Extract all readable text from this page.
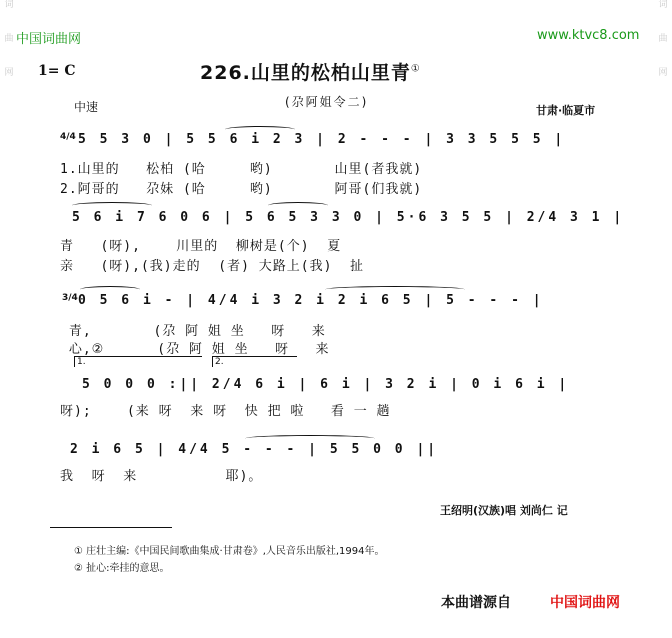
词
曲
网
词
曲
网
中国词曲网	www.ktvc8.com
1= C	226.山里的松柏山里青①
中速	(尕阿姐令二)
甘肃·临夏市
4/4 5 5 3 0 | 5 5 6 i 2 3 | 2 - - - | 3 3 5 5 5 |
1.山里的   松柏 (哈     哟)       山里(者我就)
2.阿哥的   尕妹 (哈     哟)       阿哥(们我就)
5 6 i 7 6 0 6 | 5 6 5 3 3 0 | 5·6 3 5 5 | 2/4 3 1 |
青   (呀),    川里的  柳树是(个)  夏
亲   (呀),(我)走的  (者) 大路上(我)  扯
3/4 0 5 6 i - | 4/4 i 3 2 i 2 i 6 5 | 5 - - - |
青,       (尕 阿 姐 坐   呀   来
心,②      (尕 阿 姐 坐   呀   来
1.	2.
5 0 0 0 :|| 2/4 6 i | 6 i | 3 2 i | 0 i 6 i |
呀);    (来 呀  来 呀  快 把 啦   看 一 趟
2 i 6 5 | 4/4 5 - - - | 5 5 0 0 ||
我  呀  来          耶)。
王绍明(汉族)唱 刘尚仁 记
① 庄壮主编:《中国民间歌曲集成·甘肃卷》,人民音乐出版社,1994年。
② 扯心:牵挂的意思。
本曲谱源自	中国词曲网
